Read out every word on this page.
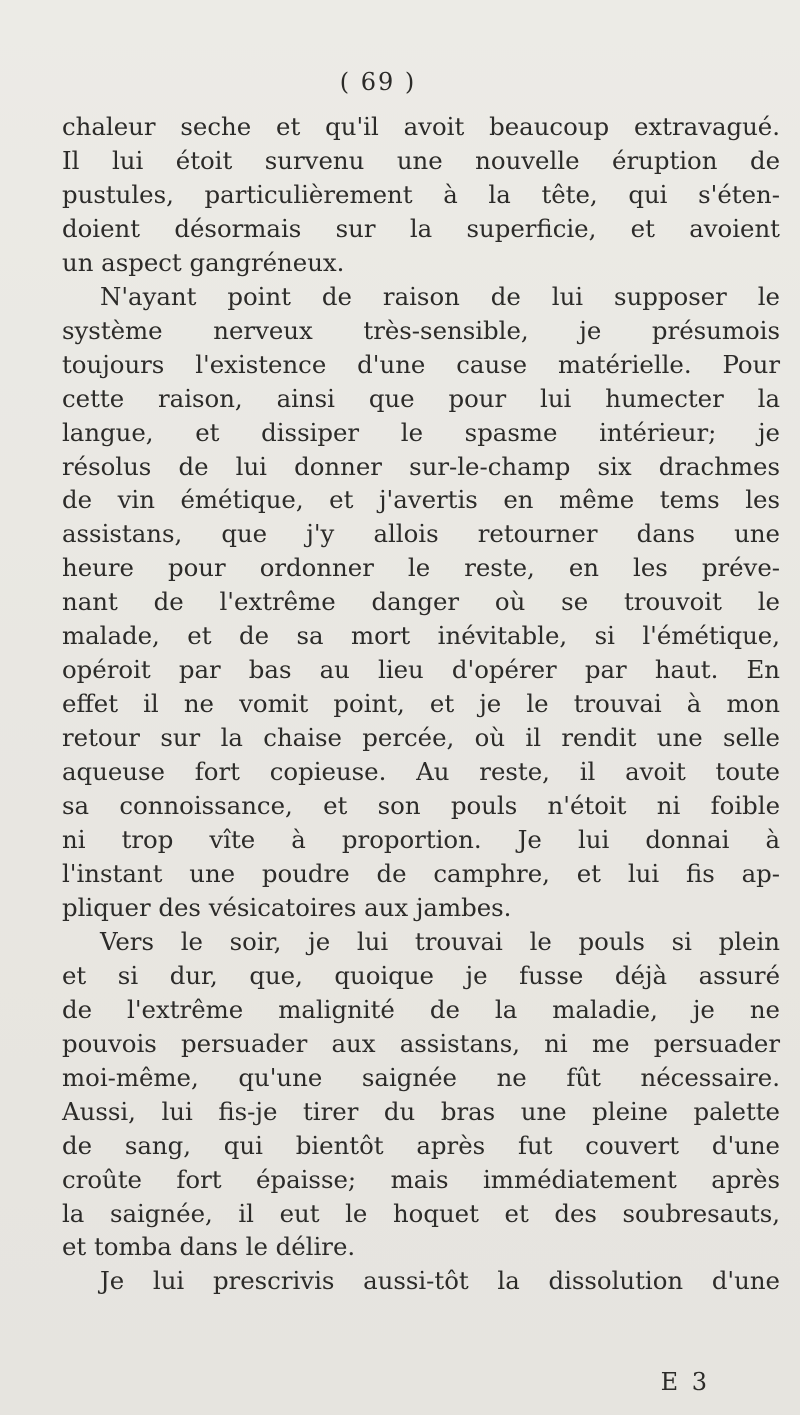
( 69 )
chaleur seche et qu'il avoit beaucoup extravagué.
Il lui étoit survenu une nouvelle éruption de
pustules, particulièrement à la tête, qui s'éten-
doient désormais sur la superficie, et avoient
un aspect gangréneux.
N'ayant point de raison de lui supposer le
système nerveux très-sensible, je présumois
toujours l'existence d'une cause matérielle. Pour
cette raison, ainsi que pour lui humecter la
langue, et dissiper le spasme intérieur; je
résolus de lui donner sur-le-champ six drachmes
de vin émétique, et j'avertis en même tems les
assistans, que j'y allois retourner dans une
heure pour ordonner le reste, en les préve-
nant de l'extrême danger où se trouvoit le
malade, et de sa mort inévitable, si l'émétique,
opéroit par bas au lieu d'opérer par haut. En
effet il ne vomit point, et je le trouvai à mon
retour sur la chaise percée, où il rendit une selle
aqueuse fort copieuse. Au reste, il avoit toute
sa connoissance, et son pouls n'étoit ni foible
ni trop vîte à proportion. Je lui donnai à
l'instant une poudre de camphre, et lui fis ap-
pliquer des vésicatoires aux jambes.
Vers le soir, je lui trouvai le pouls si plein
et si dur, que, quoique je fusse déjà assuré
de l'extrême malignité de la maladie, je ne
pouvois persuader aux assistans, ni me persuader
moi-même, qu'une saignée ne fût nécessaire.
Aussi, lui fis-je tirer du bras une pleine palette
de sang, qui bientôt après fut couvert d'une
croûte fort épaisse; mais immédiatement après
la saignée, il eut le hoquet et des soubresauts,
et tomba dans le délire.
Je lui prescrivis aussi-tôt la dissolution d'une
E 3
